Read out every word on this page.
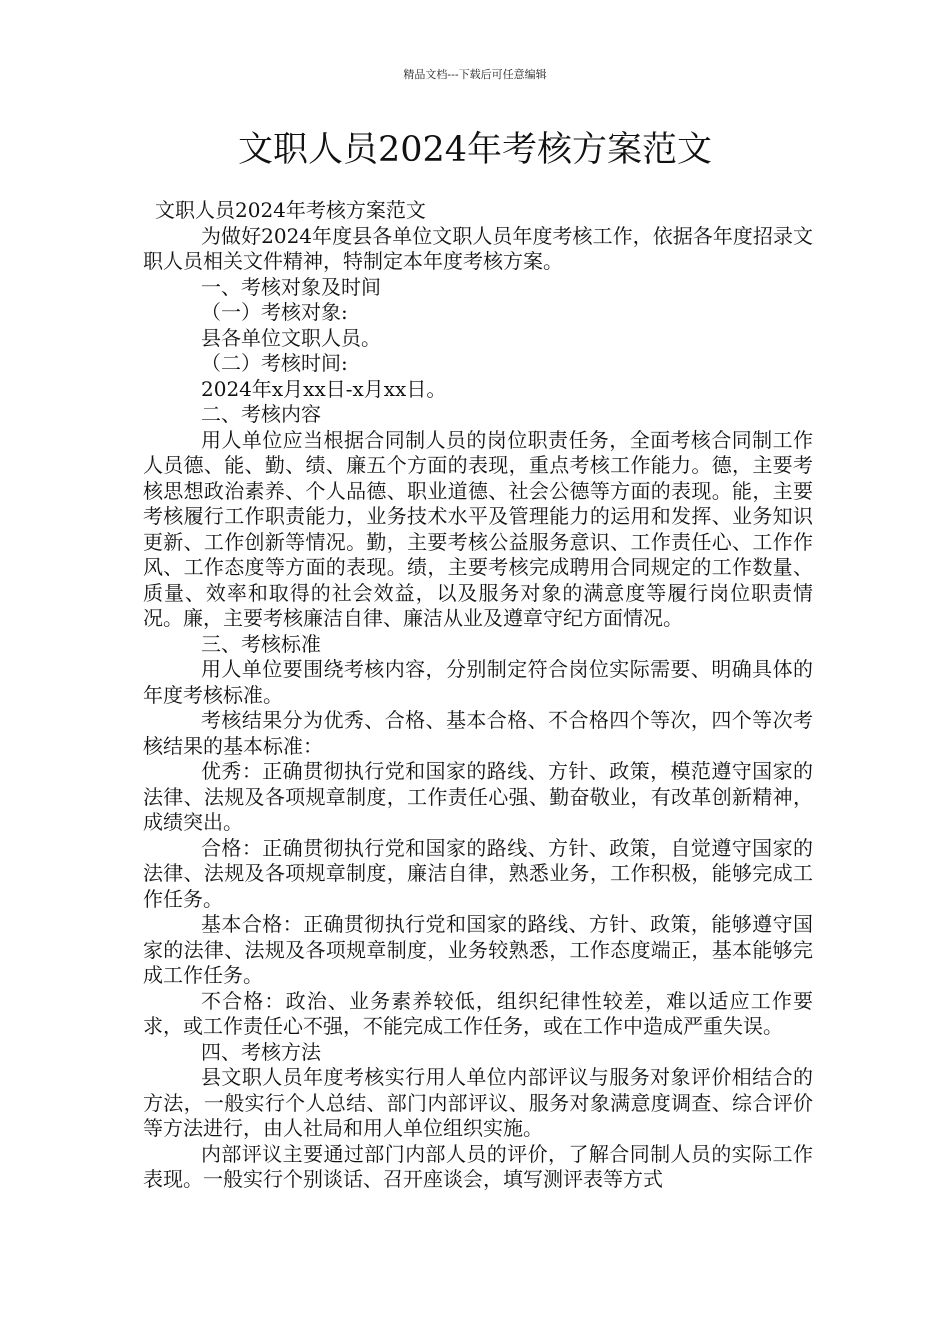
精品文档---下载后可任意编辑
文职人员2024年考核方案范文

文职人员2024年考核方案范文

为做好2024年度县各单位文职人员年度考核工作，依据各年度招录文职人员相关文件精神，特制定本年度考核方案。

一、考核对象及时间

（一）考核对象:

县各单位文职人员。

（二）考核时间:

2024年x月xx日-x月xx日。

二、考核内容

用人单位应当根据合同制人员的岗位职责任务，全面考核合同制工作人员德、能、勤、绩、廉五个方面的表现，重点考核工作能力。德，主要考核思想政治素养、个人品德、职业道德、社会公德等方面的表现。能，主要考核履行工作职责能力，业务技术水平及管理能力的运用和发挥、业务知识更新、工作创新等情况。勤，主要考核公益服务意识、工作责任心、工作作风、工作态度等方面的表现。绩，主要考核完成聘用合同规定的工作数量、质量、效率和取得的社会效益，以及服务对象的满意度等履行岗位职责情况。廉，主要考核廉洁自律、廉洁从业及遵章守纪方面情况。

三、考核标准

用人单位要围绕考核内容，分别制定符合岗位实际需要、明确具体的年度考核标准。

考核结果分为优秀、合格、基本合格、不合格四个等次，四个等次考核结果的基本标准：

优秀：正确贯彻执行党和国家的路线、方针、政策，模范遵守国家的法律、法规及各项规章制度，工作责任心强、勤奋敬业，有改革创新精神，成绩突出。

合格：正确贯彻执行党和国家的路线、方针、政策，自觉遵守国家的法律、法规及各项规章制度，廉洁自律，熟悉业务，工作积极，能够完成工作任务。

基本合格：正确贯彻执行党和国家的路线、方针、政策，能够遵守国家的法律、法规及各项规章制度，业务较熟悉，工作态度端正，基本能够完成工作任务。

不合格：政治、业务素养较低，组织纪律性较差，难以适应工作要求，或工作责任心不强，不能完成工作任务，或在工作中造成严重失误。

四、考核方法

县文职人员年度考核实行用人单位内部评议与服务对象评价相结合的方法，一般实行个人总结、部门内部评议、服务对象满意度调查、综合评价等方法进行，由人社局和用人单位组织实施。

内部评议主要通过部门内部人员的评价，了解合同制人员的实际工作表现。一般实行个别谈话、召开座谈会，填写测评表等方式
